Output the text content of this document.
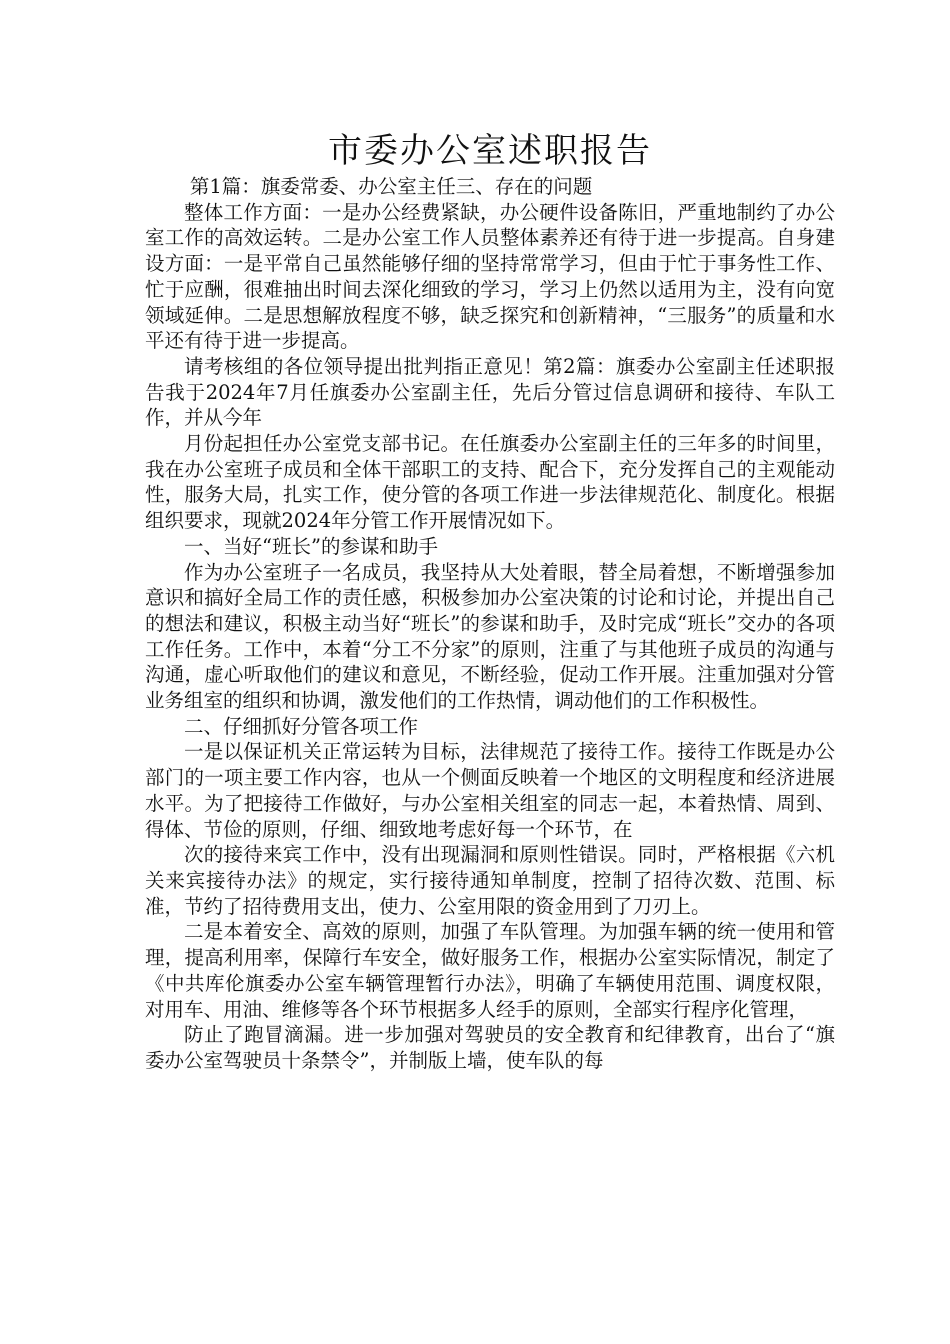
市委办公室述职报告

第1篇：旗委常委、办公室主任三、存在的问题

整体工作方面：一是办公经费紧缺，办公硬件设备陈旧，严重地制约了办公室工作的高效运转。二是办公室工作人员整体素养还有待于进一步提高。自身建设方面：一是平常自己虽然能够仔细的坚持常常学习，但由于忙于事务性工作、忙于应酬，很难抽出时间去深化细致的学习，学习上仍然以适用为主，没有向宽领域延伸。二是思想解放程度不够，缺乏探究和创新精神，“三服务”的质量和水平还有待于进一步提高。

请考核组的各位领导提出批判指正意见！第2篇：旗委办公室副主任述职报告我于2024年7月任旗委办公室副主任，先后分管过信息调研和接待、车队工作，并从今年

月份起担任办公室党支部书记。在任旗委办公室副主任的三年多的时间里，我在办公室班子成员和全体干部职工的支持、配合下，充分发挥自己的主观能动性，服务大局，扎实工作，使分管的各项工作进一步法律规范化、制度化。根据组织要求，现就2024年分管工作开展情况如下。

一、当好“班长”的参谋和助手

作为办公室班子一名成员，我坚持从大处着眼，替全局着想，不断增强参加意识和搞好全局工作的责任感，积极参加办公室决策的讨论和讨论，并提出自己的想法和建议，积极主动当好“班长”的参谋和助手，及时完成“班长”交办的各项工作任务。工作中，本着“分工不分家”的原则，注重了与其他班子成员的沟通与沟通，虚心听取他们的建议和意见，不断经验，促动工作开展。注重加强对分管业务组室的组织和协调，激发他们的工作热情，调动他们的工作积极性。

二、仔细抓好分管各项工作

一是以保证机关正常运转为目标，法律规范了接待工作。接待工作既是办公部门的一项主要工作内容，也从一个侧面反映着一个地区的文明程度和经济进展水平。为了把接待工作做好，与办公室相关组室的同志一起，本着热情、周到、得体、节俭的原则，仔细、细致地考虑好每一个环节，在

次的接待来宾工作中，没有出现漏洞和原则性错误。同时，严格根据《六机关来宾接待办法》的规定，实行接待通知单制度，控制了招待次数、范围、标准，节约了招待费用支出，使力、公室用限的资金用到了刀刃上。

二是本着安全、高效的原则，加强了车队管理。为加强车辆的统一使用和管理，提高利用率，保障行车安全，做好服务工作，根据办公室实际情况，制定了《中共库伦旗委办公室车辆管理暂行办法》，明确了车辆使用范围、调度权限，对用车、用油、维修等各个环节根据多人经手的原则，全部实行程序化管理，

防止了跑冒滴漏。进一步加强对驾驶员的安全教育和纪律教育，出台了“旗委办公室驾驶员十条禁令”，并制版上墙，使车队的每
